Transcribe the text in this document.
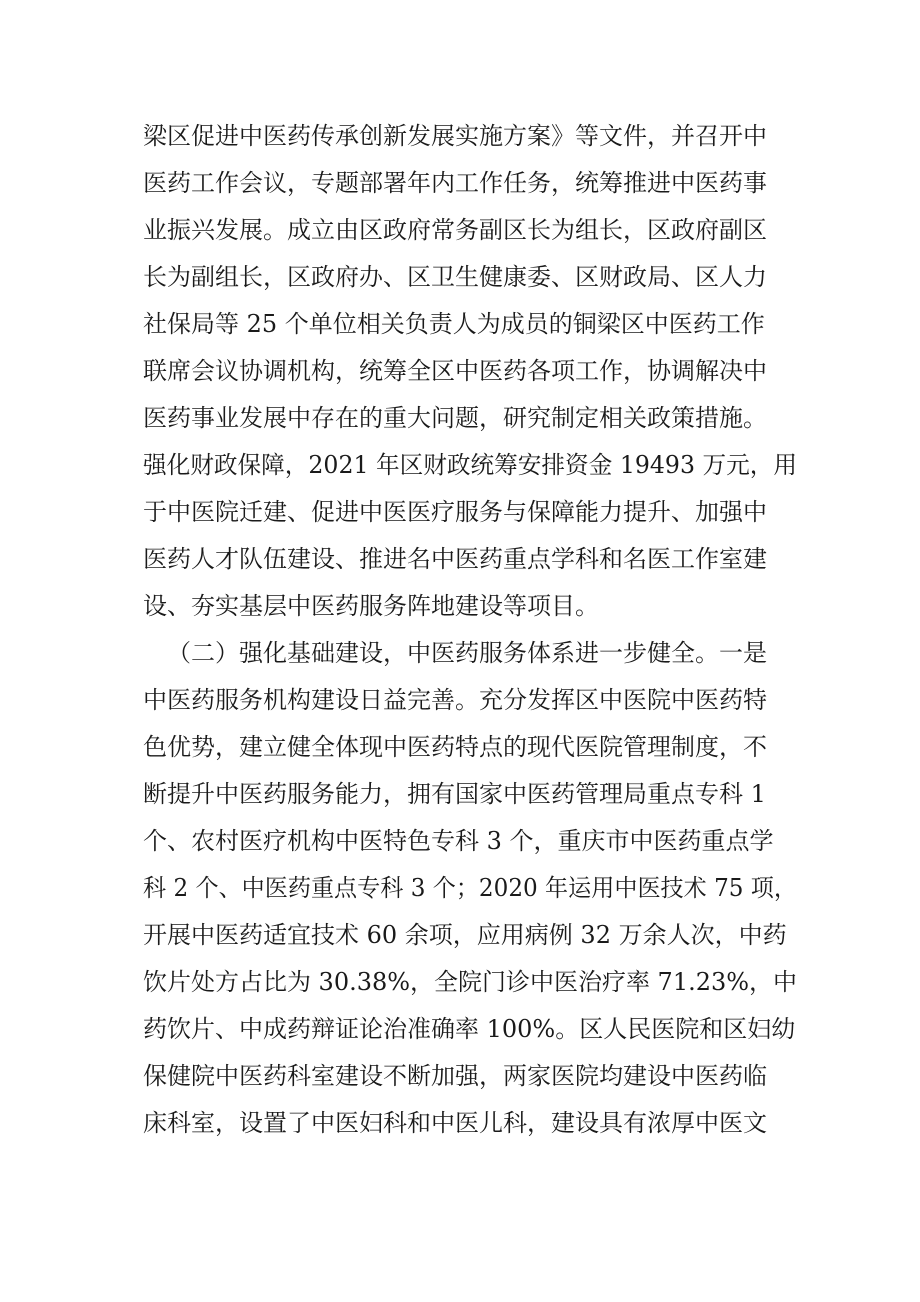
梁区促进中医药传承创新发展实施方案》等文件，并召开中
医药工作会议，专题部署年内工作任务，统筹推进中医药事
业振兴发展。成立由区政府常务副区长为组长，区政府副区
长为副组长，区政府办、区卫生健康委、区财政局、区人力
社保局等 25 个单位相关负责人为成员的铜梁区中医药工作
联席会议协调机构，统筹全区中医药各项工作，协调解决中
医药事业发展中存在的重大问题，研究制定相关政策措施。
强化财政保障，2021 年区财政统筹安排资金 19493 万元，用
于中医院迁建、促进中医医疗服务与保障能力提升、加强中
医药人才队伍建设、推进名中医药重点学科和名医工作室建
设、夯实基层中医药服务阵地建设等项目。
（二）强化基础建设，中医药服务体系进一步健全。一是
中医药服务机构建设日益完善。充分发挥区中医院中医药特
色优势，建立健全体现中医药特点的现代医院管理制度，不
断提升中医药服务能力，拥有国家中医药管理局重点专科 1
个、农村医疗机构中医特色专科 3 个，重庆市中医药重点学
科 2 个、中医药重点专科 3 个；2020 年运用中医技术 75 项，
开展中医药适宜技术 60 余项，应用病例 32 万余人次，中药
饮片处方占比为 30.38%，全院门诊中医治疗率 71.23%，中
药饮片、中成药辩证论治准确率 100%。区人民医院和区妇幼
保健院中医药科室建设不断加强，两家医院均建设中医药临
床科室，设置了中医妇科和中医儿科，建设具有浓厚中医文
